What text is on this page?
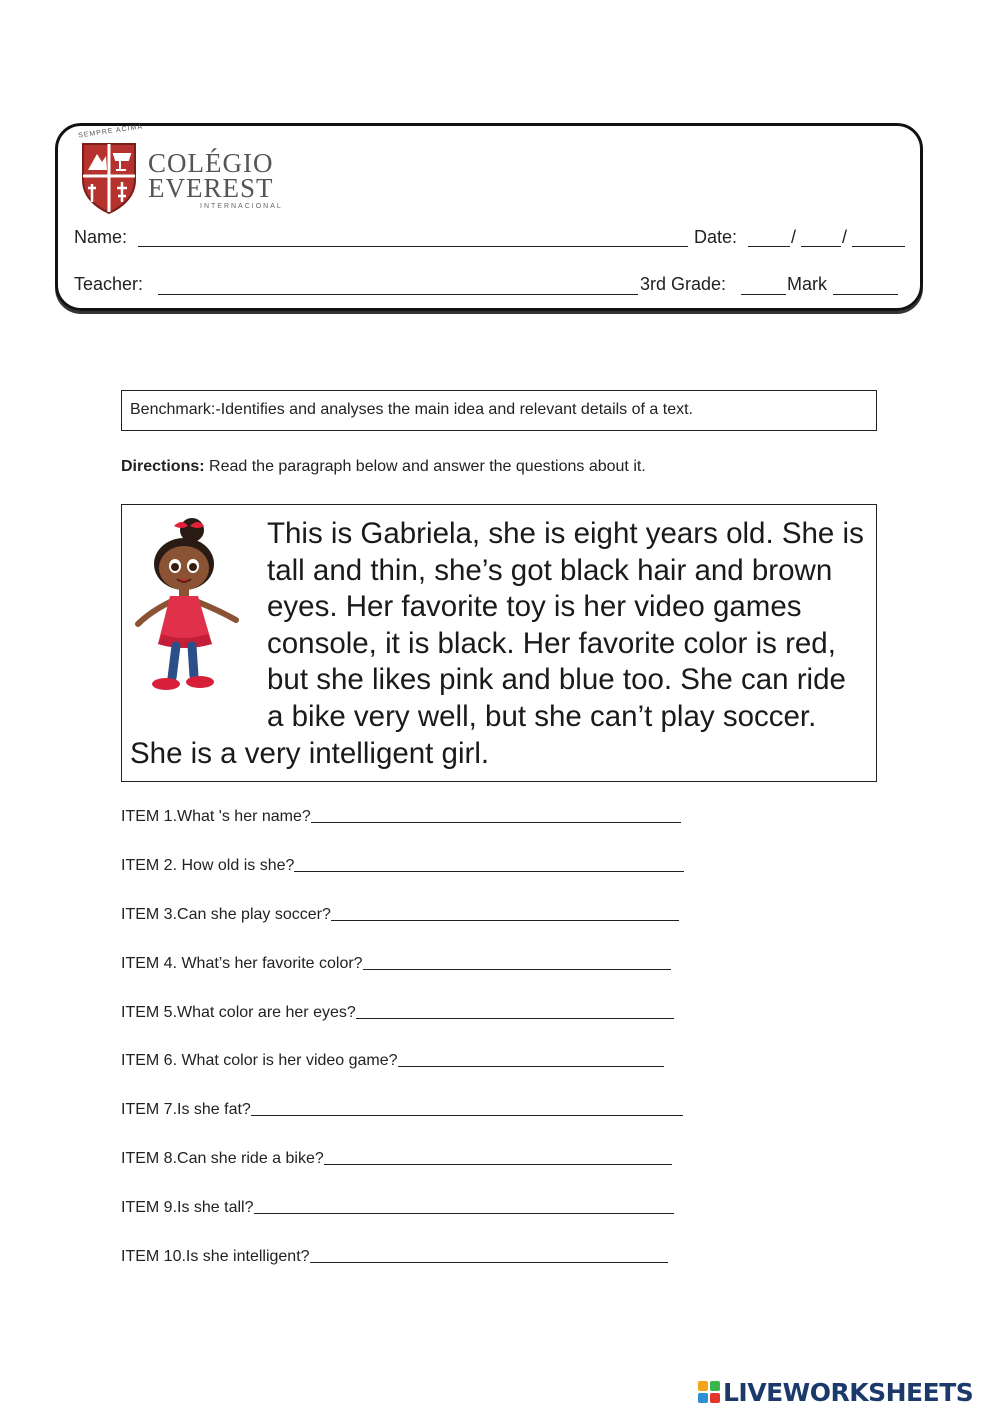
SEMPRE ACIMA
COLÉGIO
EVEREST
INTERNACIONAL
Name:	Date:	/	/
Teacher:	3rd Grade:	Mark
Benchmark:-Identifies and analyses the main idea and relevant details of a text.
Directions: Read the paragraph below and answer the questions about it.
This is Gabriela, she is eight years old. She is tall and thin, she’s got black hair and brown eyes. Her favorite toy is her video games console, it is black. Her favorite color is red, but she likes pink and blue too. She can ride a bike very well, but she can’t play soccer. She is a very intelligent girl.
ITEM 1.What 's her name?
ITEM 2. How old is she?
ITEM 3.Can she play soccer?
ITEM 4. What’s her favorite color?
ITEM 5.What color are her eyes?
ITEM 6. What color is her video game?
ITEM 7.Is she fat?
ITEM 8.Can she ride a bike?
ITEM 9.Is she tall?
ITEM 10.Is she intelligent?
LIVEWORKSHEETS
